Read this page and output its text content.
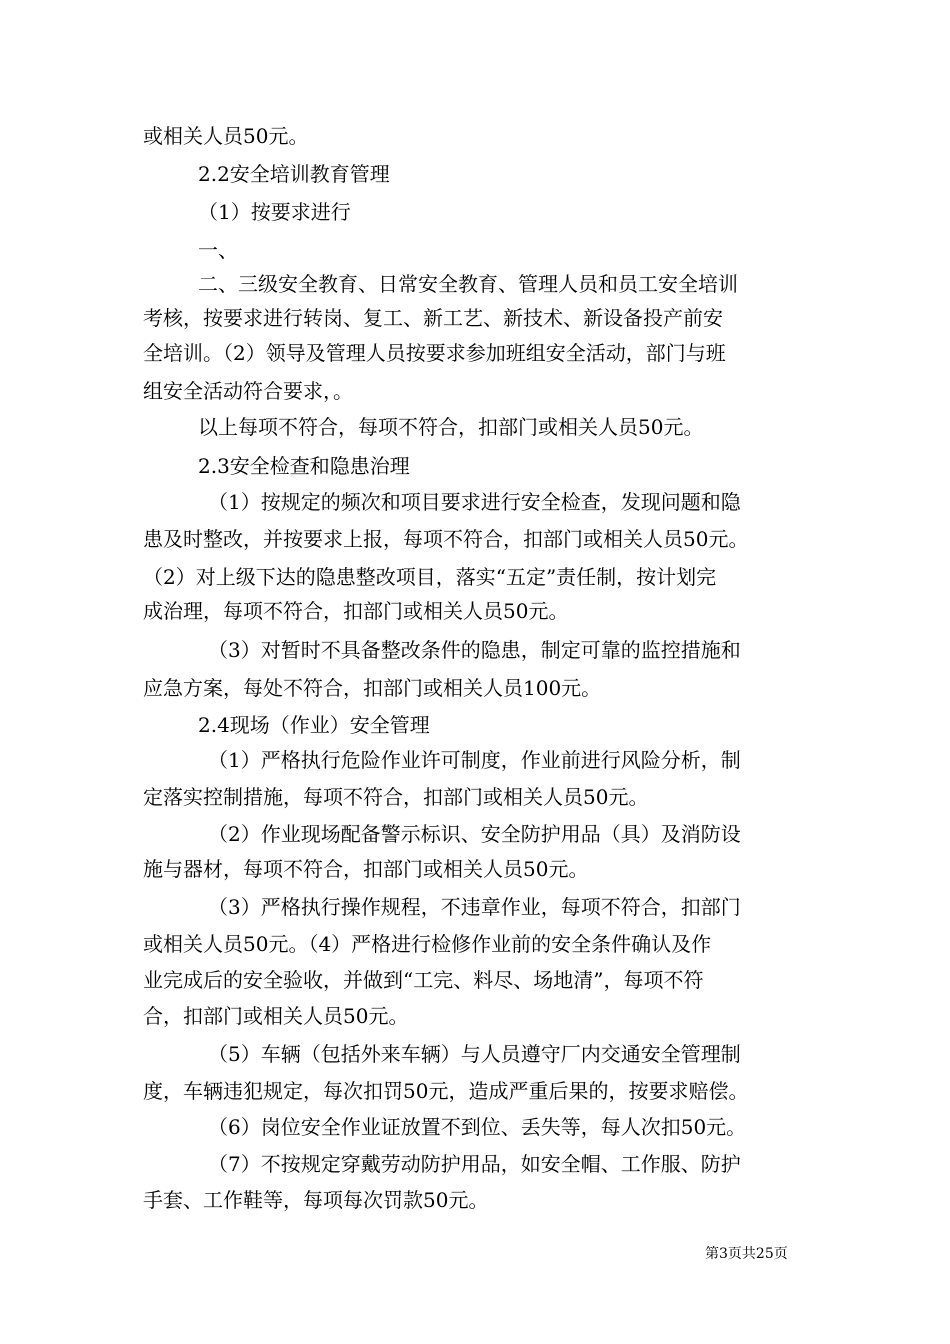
或相关人员50元。
2.2安全培训教育管理
（1）按要求进行
一、
二、三级安全教育、日常安全教育、管理人员和员工安全培训
考核，按要求进行转岗、复工、新工艺、新技术、新设备投产前安
全培训。（2）领导及管理人员按要求参加班组安全活动，部门与班
组安全活动符合要求，。
以上每项不符合，每项不符合，扣部门或相关人员50元。
2.3安全检查和隐患治理
（1）按规定的频次和项目要求进行安全检查，发现问题和隐
患及时整改，并按要求上报，每项不符合，扣部门或相关人员50元。
（2）对上级下达的隐患整改项目，落实“五定”责任制，按计划完
成治理，每项不符合，扣部门或相关人员50元。
（3）对暂时不具备整改条件的隐患，制定可靠的监控措施和
应急方案，每处不符合，扣部门或相关人员100元。
2.4现场（作业）安全管理
（1）严格执行危险作业许可制度，作业前进行风险分析，制
定落实控制措施，每项不符合，扣部门或相关人员50元。
（2）作业现场配备警示标识、安全防护用品（具）及消防设
施与器材，每项不符合，扣部门或相关人员50元。
（3）严格执行操作规程，不违章作业，每项不符合，扣部门
或相关人员50元。（4）严格进行检修作业前的安全条件确认及作
业完成后的安全验收，并做到“工完、料尽、场地清”，每项不符
合，扣部门或相关人员50元。
（5）车辆（包括外来车辆）与人员遵守厂内交通安全管理制
度，车辆违犯规定，每次扣罚50元，造成严重后果的，按要求赔偿。
（6）岗位安全作业证放置不到位、丢失等，每人次扣50元。
（7）不按规定穿戴劳动防护用品，如安全帽、工作服、防护
手套、工作鞋等，每项每次罚款50元。
第3页共25页
